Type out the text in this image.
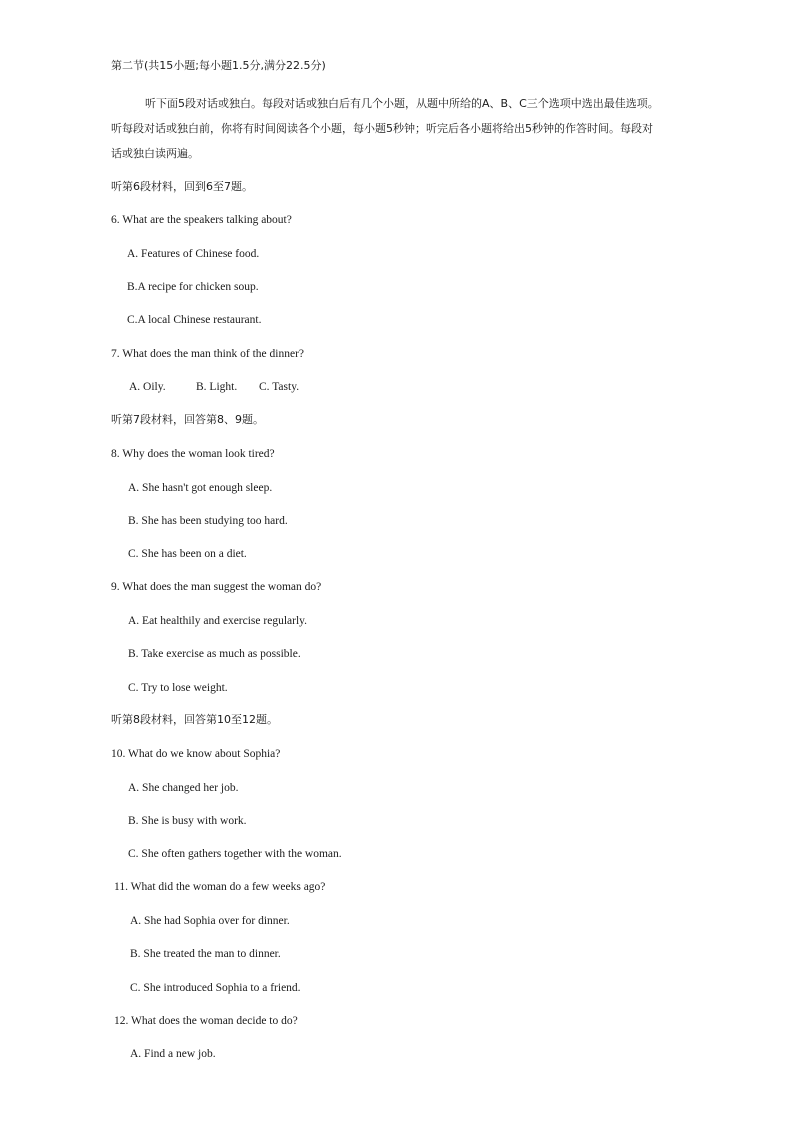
第二节(共15小题;每小题1.5分,满分22.5分)
听下面5段对话或独白。每段对话或独白后有几个小题，从题中所给的A、B、C三个选项中选出最佳选项。
听每段对话或独白前，你将有时间阅读各个小题，每小题5秒钟；听完后各小题将给出5秒钟的作答时间。每段对
话或独白读两遍。
听第6段材料，回到6至7题。
6. What are the speakers talking about?
A. Features of Chinese food.
B.A recipe for chicken soup.
C.A local Chinese restaurant.
7. What does the man think of the dinner?
A. Oily.	B. Light. C. Tasty.
听第7段材料，回答第8、9题。
8. Why does the woman look tired?
A. She hasn't got enough sleep.
B. She has been studying too hard.
C. She has been on a diet.
9. What does the man suggest the woman do?
A. Eat healthily and exercise regularly.
B. Take exercise as much as possible.
C. Try to lose weight.
听第8段材料，回答第10至12题。
10. What do we know about Sophia?
A. She changed her job.
B. She is busy with work.
C. She often gathers together with the woman.
11. What did the woman do a few weeks ago?
A. She had Sophia over for dinner.
B. She treated the man to dinner.
C. She introduced Sophia to a friend.
12. What does the woman decide to do?
A. Find a new job.
